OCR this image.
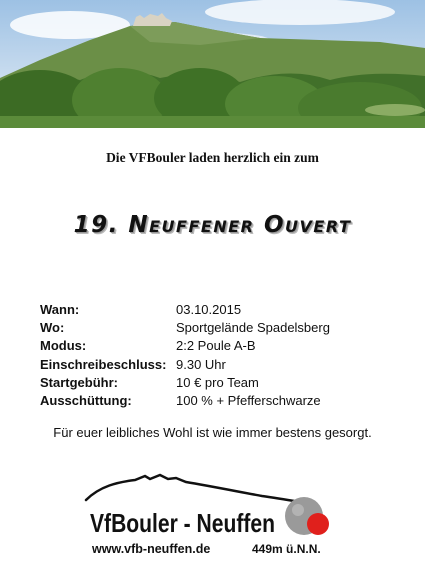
Die VFBouler laden herzlich ein zum
19. Neuffener Ouvert
Wann:	03.10.2015
Wo:	Sportgelände Spadelsberg
Modus:	2:2 Poule A-B
Einschreibeschluss: 9.30 Uhr
Startgebühr:	10 € pro Team
Ausschüttung:	100 % + Pfefferschwarze
Für euer leibliches Wohl ist wie immer bestens gesorgt.
VfBouler - Neuffen
www.vfb-neuffen.de	449m ü.N.N.
